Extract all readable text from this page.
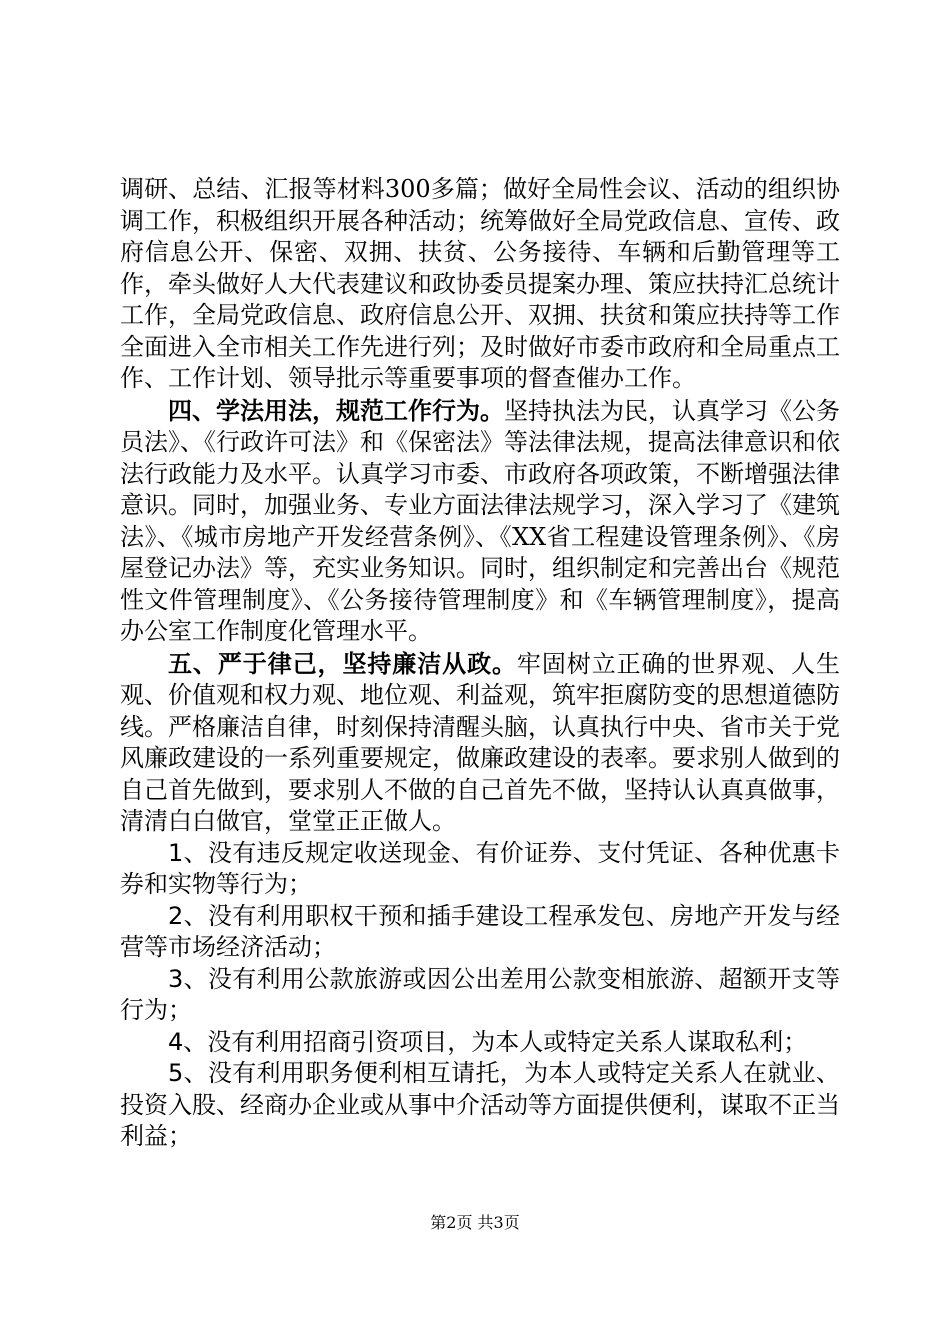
调研、总结、汇报等材料300多篇；做好全局性会议、活动的组织协调工作，积极组织开展各种活动；统筹做好全局党政信息、宣传、政府信息公开、保密、双拥、扶贫、公务接待、车辆和后勤管理等工作，牵头做好人大代表建议和政协委员提案办理、策应扶持汇总统计工作，全局党政信息、政府信息公开、双拥、扶贫和策应扶持等工作全面进入全市相关工作先进行列；及时做好市委市政府和全局重点工作、工作计划、领导批示等重要事项的督查催办工作。

四、学法用法，规范工作行为。坚持执法为民，认真学习《公务员法》、《行政许可法》和《保密法》等法律法规，提高法律意识和依法行政能力及水平。认真学习市委、市政府各项政策，不断增强法律意识。同时，加强业务、专业方面法律法规学习，深入学习了《建筑法》、《城市房地产开发经营条例》、《XX省工程建设管理条例》、《房屋登记办法》等，充实业务知识。同时，组织制定和完善出台《规范性文件管理制度》、《公务接待管理制度》和《车辆管理制度》，提高办公室工作制度化管理水平。

五、严于律己，坚持廉洁从政。牢固树立正确的世界观、人生观、价值观和权力观、地位观、利益观，筑牢拒腐防变的思想道德防线。严格廉洁自律，时刻保持清醒头脑，认真执行中央、省市关于党风廉政建设的一系列重要规定，做廉政建设的表率。要求别人做到的自己首先做到，要求别人不做的自己首先不做，坚持认认真真做事，清清白白做官，堂堂正正做人。

1、没有违反规定收送现金、有价证券、支付凭证、各种优惠卡券和实物等行为；

2、没有利用职权干预和插手建设工程承发包、房地产开发与经营等市场经济活动；

3、没有利用公款旅游或因公出差用公款变相旅游、超额开支等行为；

4、没有利用招商引资项目，为本人或特定关系人谋取私利；

5、没有利用职务便利相互请托，为本人或特定关系人在就业、投资入股、经商办企业或从事中介活动等方面提供便利，谋取不正当利益；

第2页 共3页
